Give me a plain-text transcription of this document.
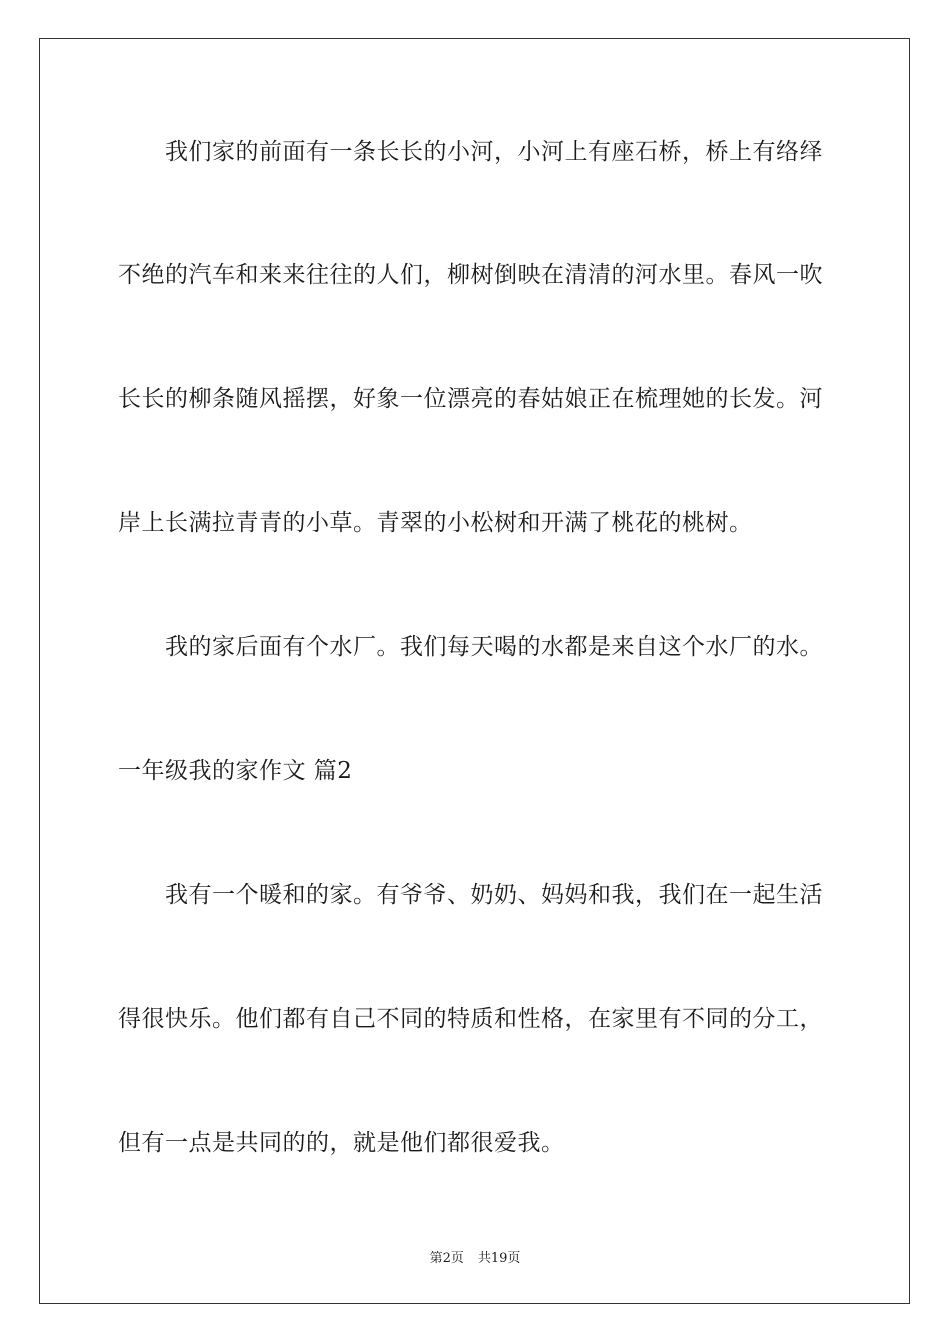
我们家的前面有一条长长的小河，小河上有座石桥，桥上有络绎
不绝的汽车和来来往往的人们，柳树倒映在清清的河水里。春风一吹
长长的柳条随风摇摆，好象一位漂亮的春姑娘正在梳理她的长发。河
岸上长满拉青青的小草。青翠的小松树和开满了桃花的桃树。
我的家后面有个水厂。我们每天喝的水都是来自这个水厂的水。
一年级我的家作文 篇2
我有一个暖和的家。有爷爷、奶奶、妈妈和我，我们在一起生活
得很快乐。他们都有自己不同的特质和性格，在家里有不同的分工，
但有一点是共同的的，就是他们都很爱我。
第2页 共19页
